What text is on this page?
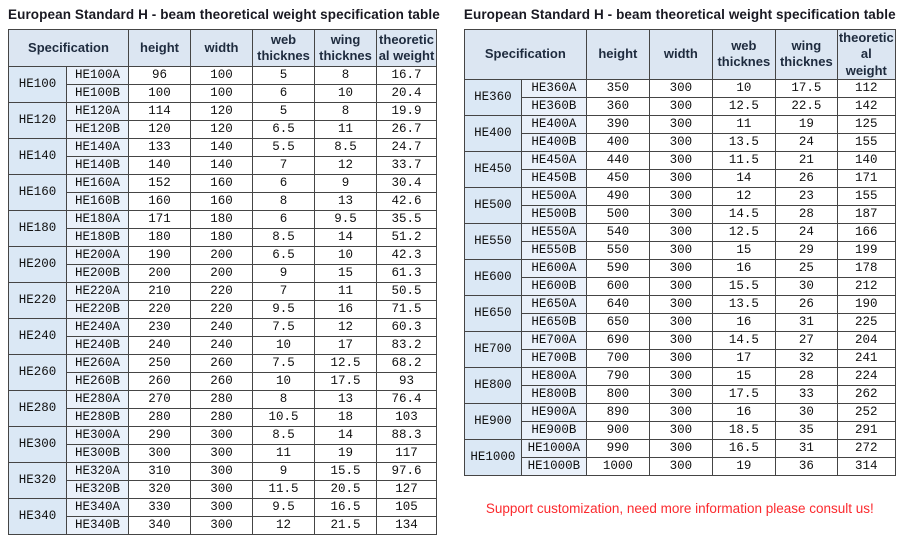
European Standard H - beam theoretical weight specification table
Specification		height	width	web thicknes	wing thicknes	theoretic al weight
HE100	HE100A	96	100	5	8	16.7
	HE100B	100	100	6	10	20.4
HE120	HE120A	114	120	5	8	19.9
	HE120B	120	120	6.5	11	26.7
HE140	HE140A	133	140	5.5	8.5	24.7
	HE140B	140	140	7	12	33.7
HE160	HE160A	152	160	6	9	30.4
	HE160B	160	160	8	13	42.6
HE180	HE180A	171	180	6	9.5	35.5
	HE180B	180	180	8.5	14	51.2
HE200	HE200A	190	200	6.5	10	42.3
	HE200B	200	200	9	15	61.3
HE220	HE220A	210	220	7	11	50.5
	HE220B	220	220	9.5	16	71.5
HE240	HE240A	230	240	7.5	12	60.3
	HE240B	240	240	10	17	83.2
HE260	HE260A	250	260	7.5	12.5	68.2
	HE260B	260	260	10	17.5	93
HE280	HE280A	270	280	8	13	76.4
	HE280B	280	280	10.5	18	103
HE300	HE300A	290	300	8.5	14	88.3
	HE300B	300	300	11	19	117
HE320	HE320A	310	300	9	15.5	97.6
	HE320B	320	300	11.5	20.5	127
HE340	HE340A	330	300	9.5	16.5	105
	HE340B	340	300	12	21.5	134
European Standard H - beam theoretical weight specification table
Specification		height	width	web thicknes	wing thicknes	theoretic al weight
HE360	HE360A	350	300	10	17.5	112
	HE360B	360	300	12.5	22.5	142
HE400	HE400A	390	300	11	19	125
	HE400B	400	300	13.5	24	155
HE450	HE450A	440	300	11.5	21	140
	HE450B	450	300	14	26	171
HE500	HE500A	490	300	12	23	155
	HE500B	500	300	14.5	28	187
HE550	HE550A	540	300	12.5	24	166
	HE550B	550	300	15	29	199
HE600	HE600A	590	300	16	25	178
	HE600B	600	300	15.5	30	212
HE650	HE650A	640	300	13.5	26	190
	HE650B	650	300	16	31	225
HE700	HE700A	690	300	14.5	27	204
	HE700B	700	300	17	32	241
HE800	HE800A	790	300	15	28	224
	HE800B	800	300	17.5	33	262
HE900	HE900A	890	300	16	30	252
	HE900B	900	300	18.5	35	291
HE1000	HE1000A	990	300	16.5	31	272
	HE1000B	1000	300	19	36	314
Support customization, need more information please consult us!
